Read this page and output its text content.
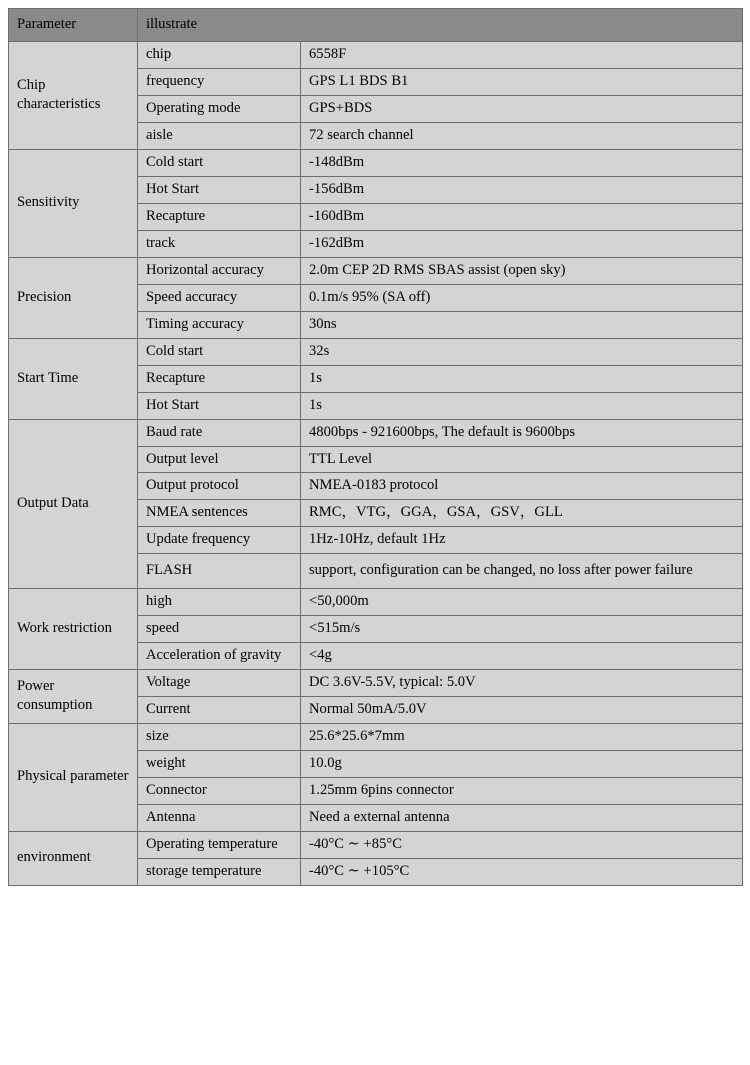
Parameter	illustrate	
Chip characteristics	chip	6558F
	frequency	GPS L1 BDS B1
	Operating mode	GPS+BDS
	aisle	72 search channel
Sensitivity	Cold start	-148dBm
	Hot Start	-156dBm
	Recapture	-160dBm
	track	-162dBm
Precision	Horizontal accuracy	2.0m CEP 2D RMS SBAS assist (open sky)
	Speed accuracy	0.1m/s 95% (SA off)
	Timing accuracy	30ns
Start Time	Cold start	32s
	Recapture	1s
	Hot Start	1s
Output Data	Baud rate	4800bps - 921600bps, The default is 9600bps
	Output level	TTL Level
	Output protocol	NMEA-0183 protocol
	NMEA sentences	RMC，VTG，GGA，GSA，GSV，GLL
	Update frequency	1Hz-10Hz, default 1Hz
	FLASH	support, configuration can be changed, no loss after power failure
Work restriction	high	<50,000m
	speed	<515m/s
	Acceleration of gravity	<4g
Power consumption	Voltage	DC 3.6V-5.5V, typical: 5.0V
	Current	Normal 50mA/5.0V
Physical parameter	size	25.6*25.6*7mm
	weight	10.0g
	Connector	1.25mm 6pins connector
	Antenna	Need a external antenna
environment	Operating temperature	-40°C ∼ +85°C
	storage temperature	-40°C ∼ +105°C
